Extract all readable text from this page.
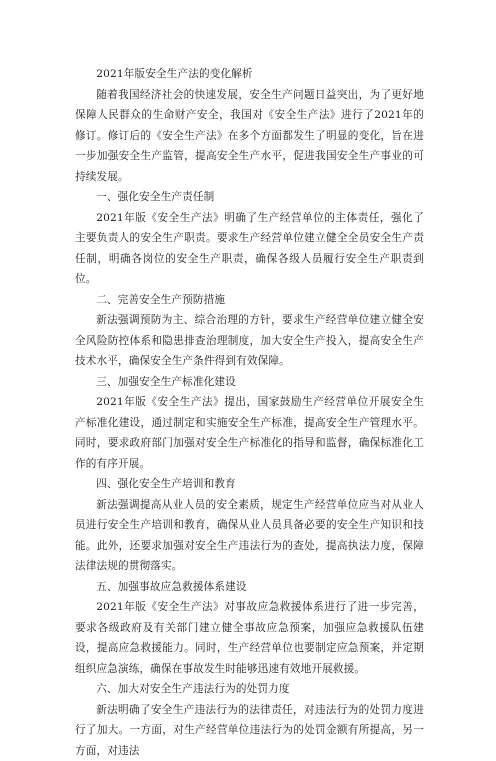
2021年版安全生产法的变化解析

随着我国经济社会的快速发展，安全生产问题日益突出，为了更好地保障人民群众的生命财产安全，我国对《安全生产法》进行了2021年的修订。修订后的《安全生产法》在多个方面都发生了明显的变化，旨在进一步加强安全生产监管，提高安全生产水平，促进我国安全生产事业的可持续发展。

一、强化安全生产责任制

2021年版《安全生产法》明确了生产经营单位的主体责任，强化了主要负责人的安全生产职责。要求生产经营单位建立健全全员安全生产责任制，明确各岗位的安全生产职责，确保各级人员履行安全生产职责到位。

二、完善安全生产预防措施

新法强调预防为主、综合治理的方针，要求生产经营单位建立健全安全风险防控体系和隐患排查治理制度，加大安全生产投入，提高安全生产技术水平，确保安全生产条件得到有效保障。

三、加强安全生产标准化建设

2021年版《安全生产法》提出，国家鼓励生产经营单位开展安全生产标准化建设，通过制定和实施安全生产标准，提高安全生产管理水平。同时，要求政府部门加强对安全生产标准化的指导和监督，确保标准化工作的有序开展。

四、强化安全生产培训和教育

新法强调提高从业人员的安全素质，规定生产经营单位应当对从业人员进行安全生产培训和教育，确保从业人员具备必要的安全生产知识和技能。此外，还要求加强对安全生产违法行为的查处，提高执法力度，保障法律法规的贯彻落实。

五、加强事故应急救援体系建设

2021年版《安全生产法》对事故应急救援体系进行了进一步完善，要求各级政府及有关部门建立健全事故应急预案，加强应急救援队伍建设，提高应急救援能力。同时，生产经营单位也要制定应急预案，并定期组织应急演练，确保在事故发生时能够迅速有效地开展救援。

六、加大对安全生产违法行为的处罚力度

新法明确了安全生产违法行为的法律责任，对违法行为的处罚力度进行了加大。一方面，对生产经营单位违法行为的处罚金额有所提高，另一方面，对违法
